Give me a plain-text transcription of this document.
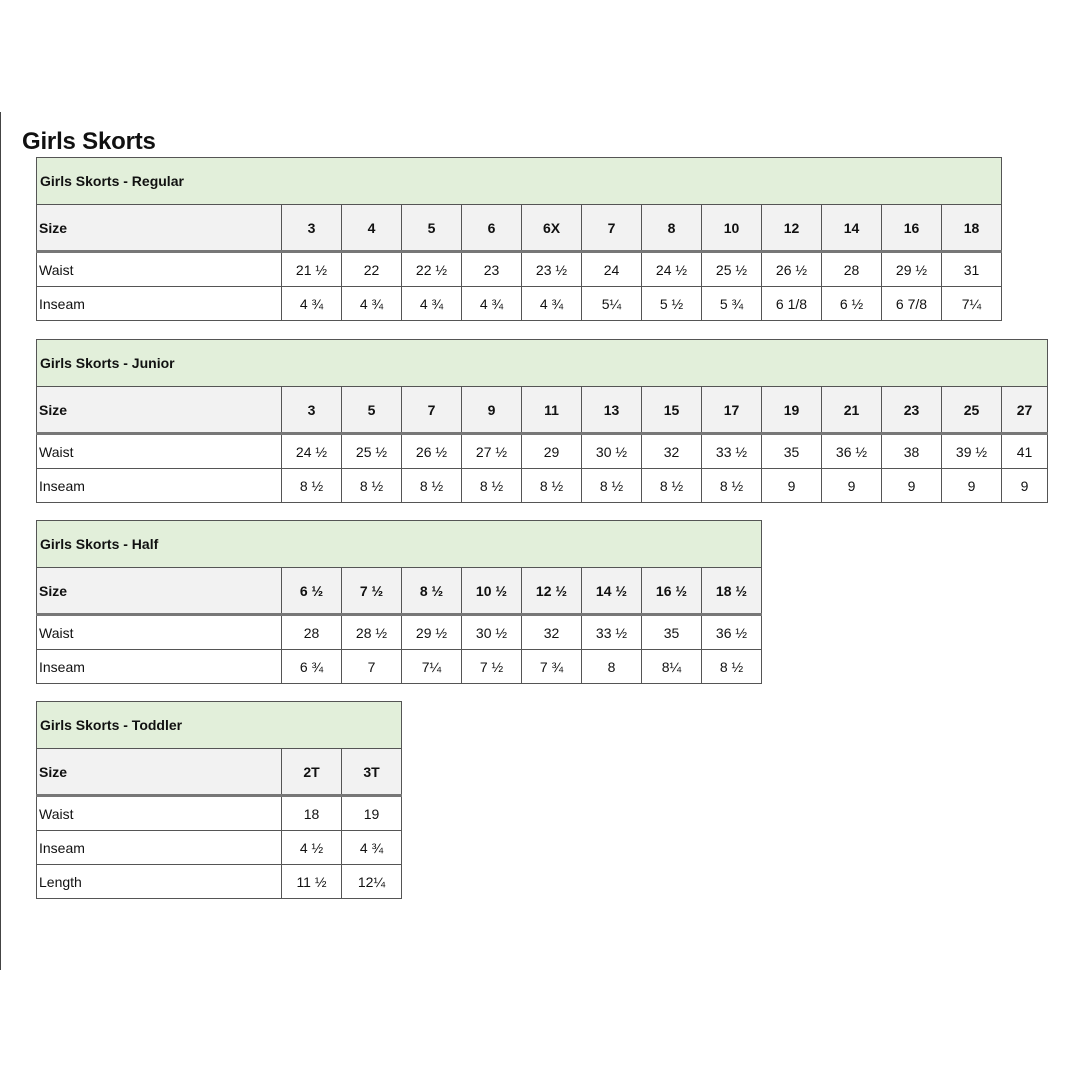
Girls Skorts
Girls Skorts - Regular												
Size	3	4	5	6	6X	7	8	10	12	14	16	18
Waist	21 ½	22	22 ½	23	23 ½	24	24 ½	25 ½	26 ½	28	29 ½	31
Inseam	4 ¾	4 ¾	4 ¾	4 ¾	4 ¾	5¼	5 ½	5 ¾	6 1/8	6 ½	6 7/8	7¼
Girls Skorts - Junior													
Size	3	5	7	9	11	13	15	17	19	21	23	25	27
Waist	24 ½	25 ½	26 ½	27 ½	29	30 ½	32	33 ½	35	36 ½	38	39 ½	41
Inseam	8 ½	8 ½	8 ½	8 ½	8 ½	8 ½	8 ½	8 ½	9	9	9	9	9
Girls Skorts - Half								
Size	6 ½	7 ½	8 ½	10 ½	12 ½	14 ½	16 ½	18 ½
Waist	28	28 ½	29 ½	30 ½	32	33 ½	35	36 ½
Inseam	6 ¾	7	7¼	7 ½	7 ¾	8	8¼	8 ½
Girls Skorts - Toddler		
Size	2T	3T
Waist	18	19
Inseam	4 ½	4 ¾
Length	11 ½	12¼
